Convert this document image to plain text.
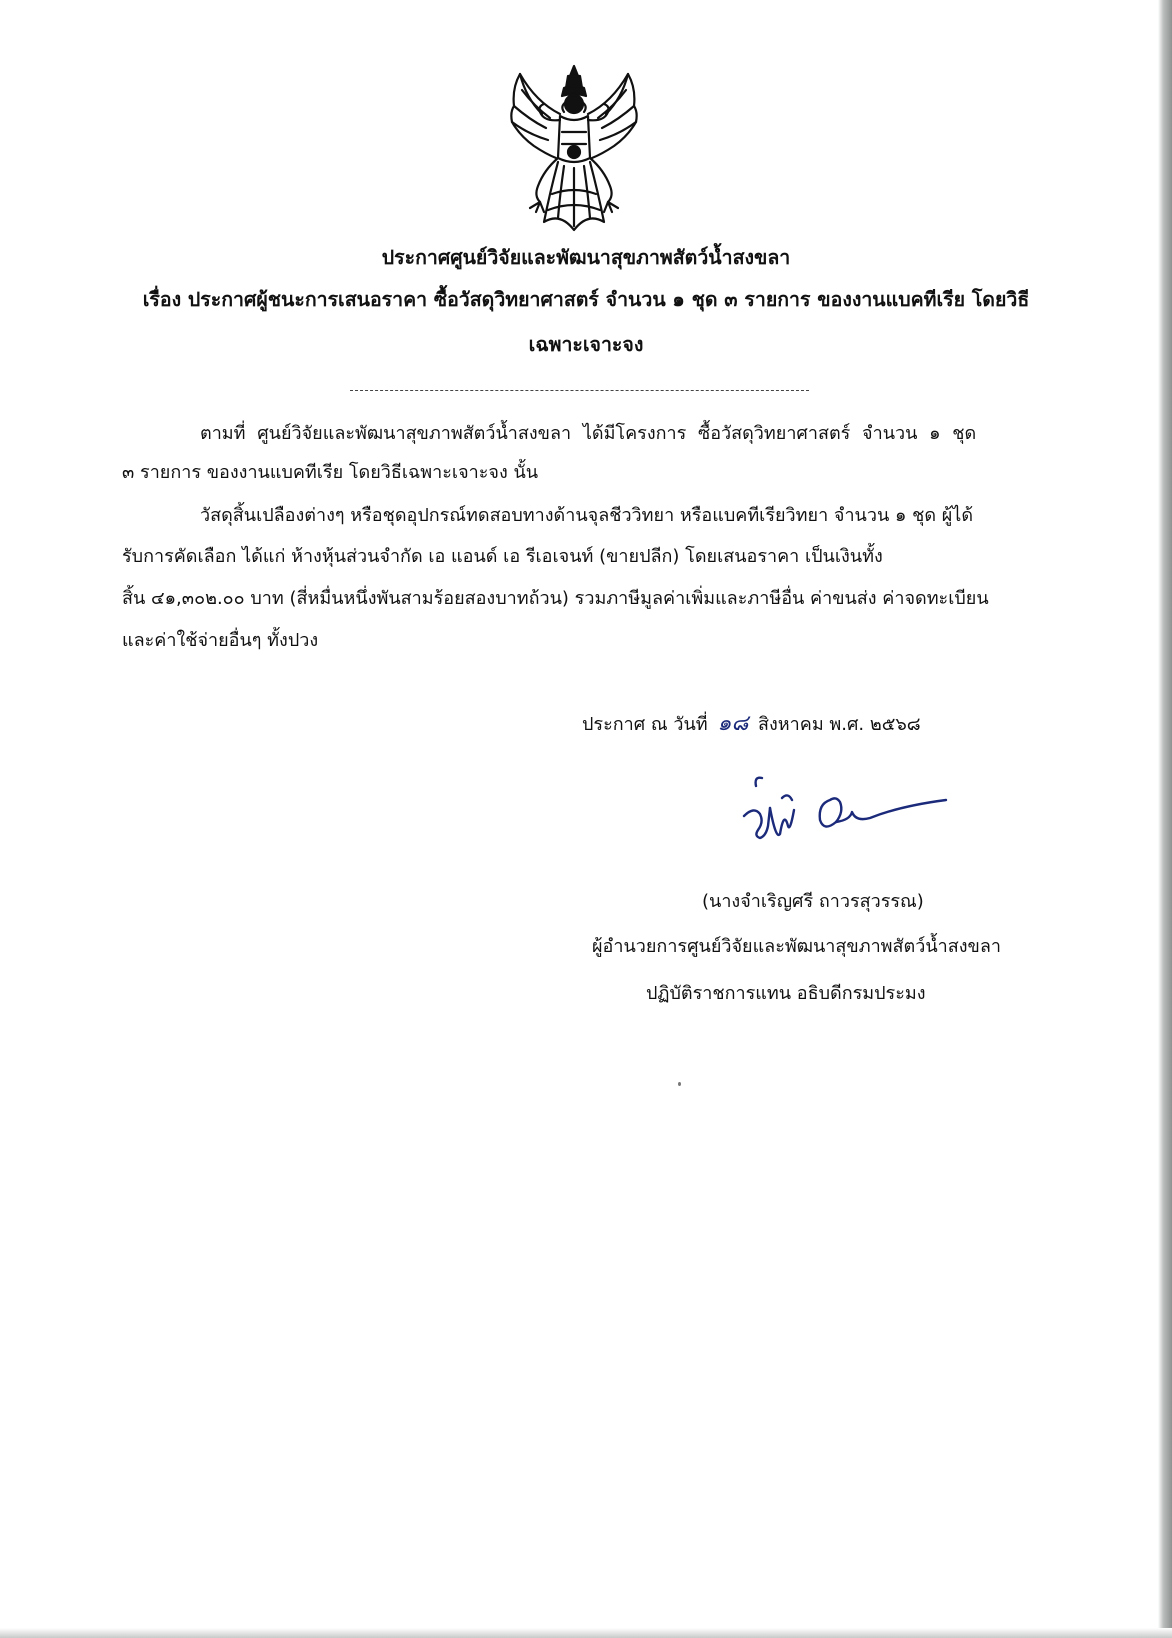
ประกาศศูนย์วิจัยและพัฒนาสุขภาพสัตว์น้ำสงขลา
เรื่อง ประกาศผู้ชนะการเสนอราคา ซื้อวัสดุวิทยาศาสตร์ จำนวน ๑ ชุด ๓ รายการ ของงานแบคทีเรีย โดยวิธี
เฉพาะเจาะจง
ตามที่ ศูนย์วิจัยและพัฒนาสุขภาพสัตว์น้ำสงขลา ได้มีโครงการ ซื้อวัสดุวิทยาศาสตร์ จำนวน ๑ ชุด
๓ รายการ ของงานแบคทีเรีย โดยวิธีเฉพาะเจาะจง นั้น
วัสดุสิ้นเปลืองต่างๆ หรือชุดอุปกรณ์ทดสอบทางด้านจุลชีววิทยา หรือแบคทีเรียวิทยา จำนวน ๑ ชุด ผู้ได้
รับการคัดเลือก ได้แก่ ห้างหุ้นส่วนจำกัด เอ แอนด์ เอ รีเอเจนท์ (ขายปลีก) โดยเสนอราคา เป็นเงินทั้ง
สิ้น ๔๑,๓๐๒.๐๐ บาท (สี่หมื่นหนึ่งพันสามร้อยสองบาทถ้วน) รวมภาษีมูลค่าเพิ่มและภาษีอื่น ค่าขนส่ง ค่าจดทะเบียน
และค่าใช้จ่ายอื่นๆ ทั้งปวง
ประกาศ ณ วันที่ ๑๘ สิงหาคม พ.ศ. ๒๕๖๘
(นางจำเริญศรี ถาวรสุวรรณ)
ผู้อำนวยการศูนย์วิจัยและพัฒนาสุขภาพสัตว์น้ำสงขลา
ปฏิบัติราชการแทน อธิบดีกรมประมง
